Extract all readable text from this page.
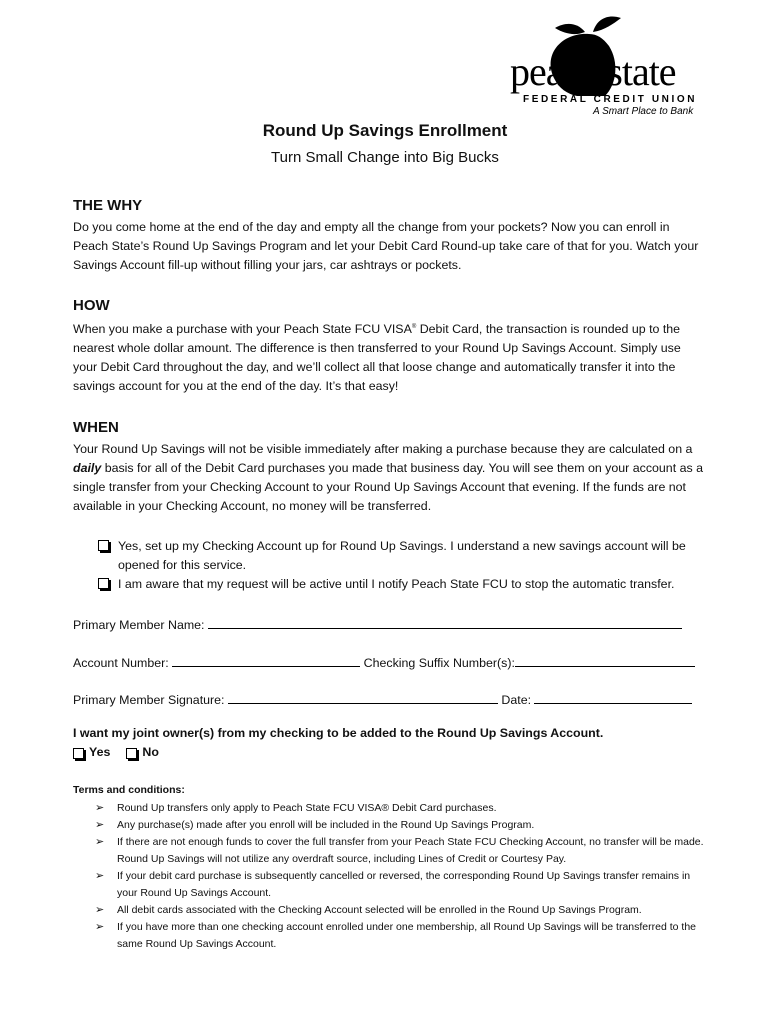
peach state
FEDERAL CREDIT UNION
A Smart Place to Bank
Round Up Savings Enrollment
Turn Small Change into Big Bucks
THE WHY

Do you come home at the end of the day and empty all the change from your pockets? Now you can enroll in Peach State’s Round Up Savings Program and let your Debit Card Round-up take care of that for you. Watch your Savings Account fill-up without filling your jars, car ashtrays or pockets.

HOW

When you make a purchase with your Peach State FCU VISA® Debit Card, the transaction is rounded up to the nearest whole dollar amount. The difference is then transferred to your Round Up Savings Account. Simply use your Debit Card throughout the day, and we’ll collect all that loose change and automatically transfer it into the savings account for you at the end of the day. It’s that easy!

WHEN

Your Round Up Savings will not be visible immediately after making a purchase because they are calculated on a daily basis for all of the Debit Card purchases you made that business day. You will see them on your account as a single transfer from your Checking Account to your Round Up Savings Account that evening. If the funds are not available in your Checking Account, no money will be transferred.

Yes, set up my Checking Account up for Round Up Savings. I understand a new savings account will be opened for this service.
I am aware that my request will be active until I notify Peach State FCU to stop the automatic transfer.
Primary Member Name:
Account Number:	Checking Suffix Number(s):
Primary Member Signature:	Date:
I want my joint owner(s) from my checking to be added to the Round Up Savings Account.
Yes	No
Terms and conditions:
➢ Round Up transfers only apply to Peach State FCU VISA® Debit Card purchases.
➢ Any purchase(s) made after you enroll will be included in the Round Up Savings Program.
➢ If there are not enough funds to cover the full transfer from your Peach State FCU Checking Account, no transfer will be made. Round Up Savings will not utilize any overdraft source, including Lines of Credit or Courtesy Pay.
➢ If your debit card purchase is subsequently cancelled or reversed, the corresponding Round Up Savings transfer remains in your Round Up Savings Account.
➢ All debit cards associated with the Checking Account selected will be enrolled in the Round Up Savings Program.
➢ If you have more than one checking account enrolled under one membership, all Round Up Savings will be transferred to the same Round Up Savings Account.
